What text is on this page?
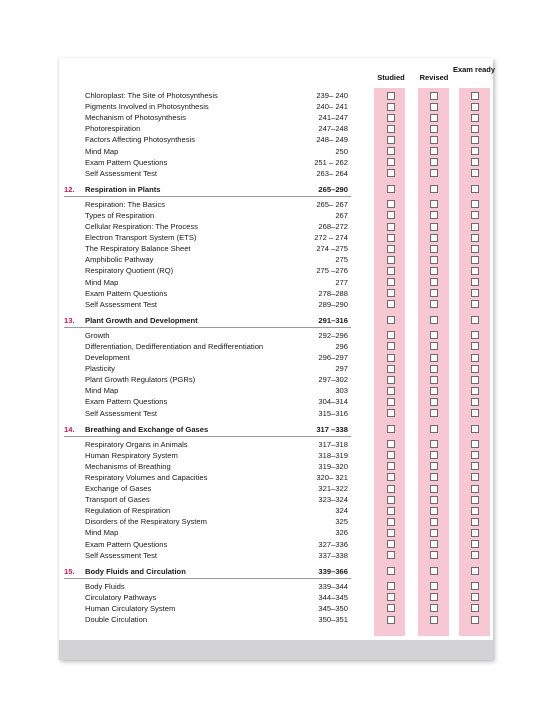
Studied	Revised
Exam ready
Chloroplast: The Site of Photosynthesis	239– 240
Pigments Involved in Photosynthesis	240– 241
Mechanism of Photosynthesis	241–247
Photorespiration	247–248
Factors Affecting Photosynthesis	248– 249
Mind Map	250
Exam Pattern Questions	251 – 262
Self Assessment Test	263– 264
12. Respiration in Plants	265–290
Respiration: The Basics	265– 267
Types of Respiration	267
Cellular Respiration: The Process	268–272
Electron Transport System (ETS)	272 – 274
The Respiratory Balance Sheet	274 –275
Amphibolic Pathway	275
Respiratory Quotient (RQ)	275 –276
Mind Map	277
Exam Pattern Questions	278–288
Self Assessment Test	289–290
13. Plant Growth and Development	291–316
Growth	292–296
Differentiation, Dedifferentiation and Redifferentiation	296
Development	296–297
Plasticity	297
Plant Growth Regulators (PGRs)	297–302
Mind Map	303
Exam Pattern Questions	304–314
Self Assessment Test	315–316
14. Breathing and Exchange of Gases	317 –338
Respiratory Organs in Animals	317–318
Human Respiratory System	318–319
Mechanisms of Breathing	319–320
Respiratory Volumes and Capacities	320– 321
Exchange of Gases	321–322
Transport of Gases	323–324
Regulation of Respiration	324
Disorders of the Respiratory System	325
Mind Map	326
Exam Pattern Questions	327–336
Self Assessment Test	337–338
15. Body Fluids and Circulation	339–366
Body Fluids	339–344
Circulatory Pathways	344–345
Human Circulatory System	345–350
Double Circulation	350–351
